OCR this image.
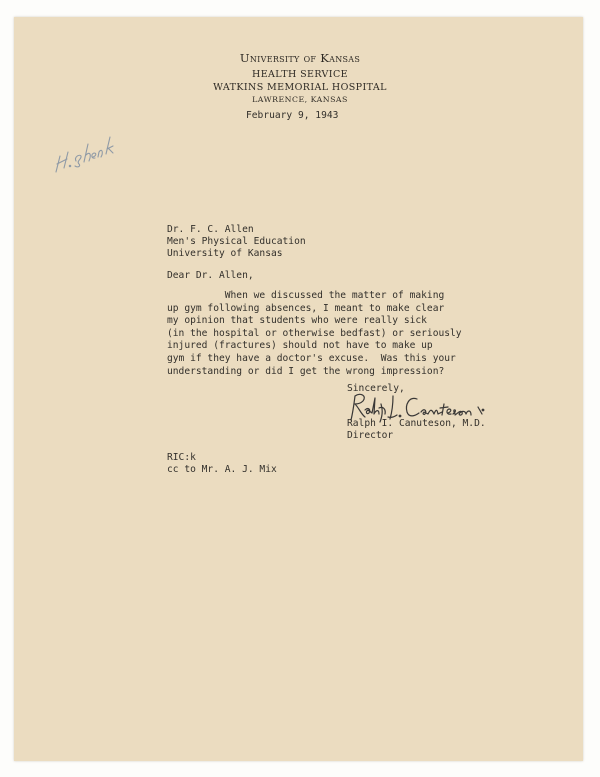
University of Kansas
HEALTH SERVICE
WATKINS MEMORIAL HOSPITAL
LAWRENCE, KANSAS
February 9, 1943
Dr. F. C. Allen
Men's Physical Education
University of Kansas
Dear Dr. Allen,
When we discussed the matter of making
up gym following absences, I meant to make clear
my opinion that students who were really sick
(in the hospital or otherwise bedfast) or seriously
injured (fractures) should not have to make up
gym if they have a doctor's excuse.  Was this your
understanding or did I get the wrong impression?
Sincerely,
Ralph I. Canuteson, M.D.
Director
RIC:k
cc to Mr. A. J. Mix
